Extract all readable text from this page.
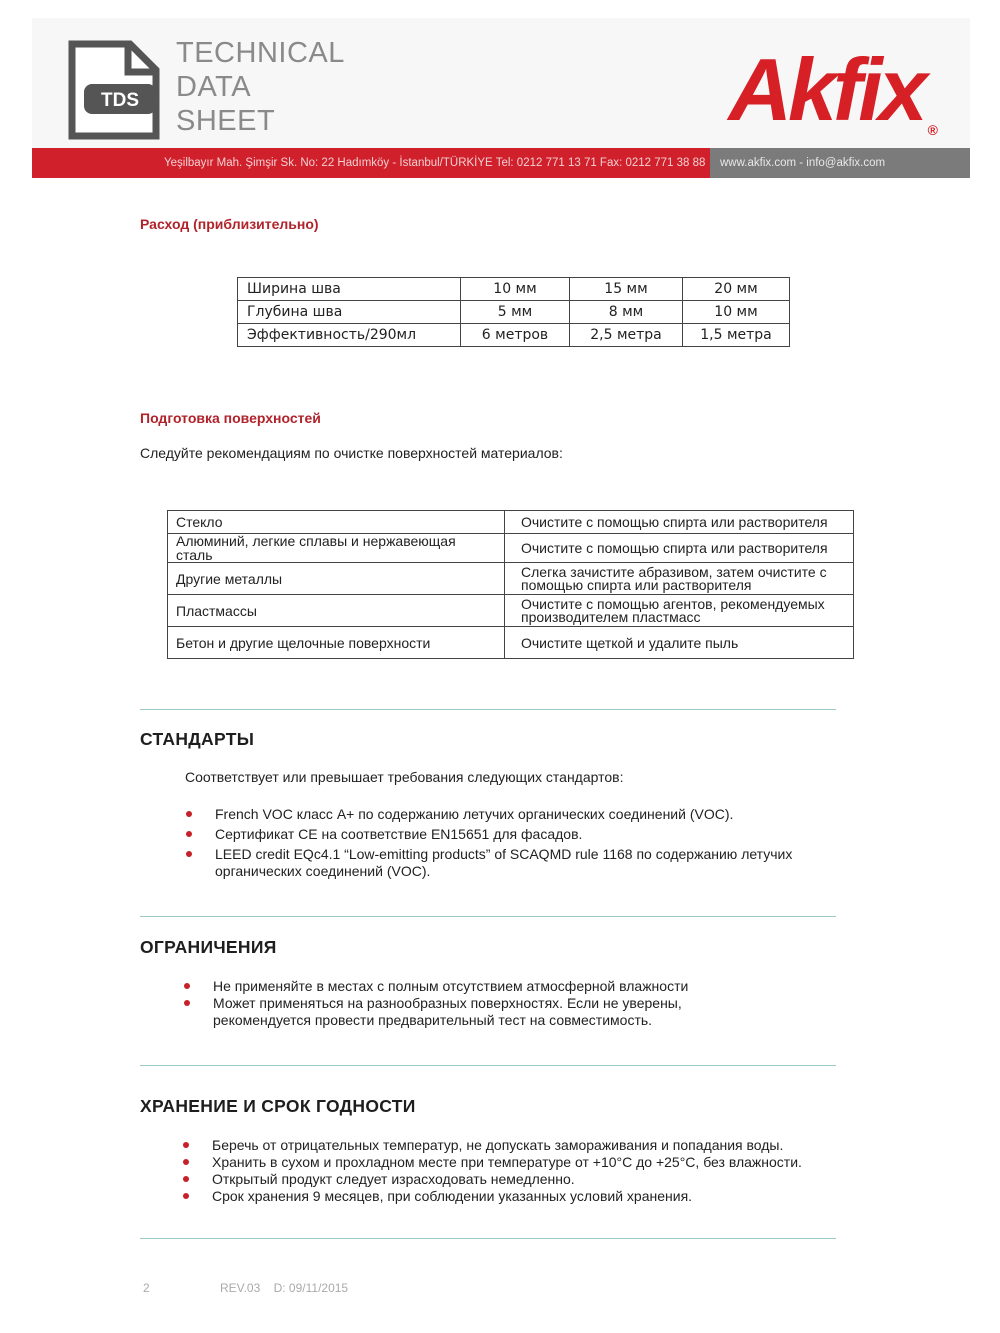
TDS
TECHNICAL
DATA
SHEET	Akfix ®
Yeşilbayır Mah. Şimşir Sk. No: 22 Hadımköy - İstanbul/TÜRKİYE Tel: 0212 771 13 71 Fax: 0212 771 38 88	www.akfix.com - info@akfix.com
Расход (приблизительно)
Ширина шва	10 мм	15 мм	20 мм
Глубина шва	5 мм	8 мм	10 мм
Эффективность/290мл	6 метров	2,5 метра	1,5 метра
Подготовка поверхностей
Следуйте рекомендациям по очистке поверхностей материалов:
Стекло	Очистите с помощью спирта или растворителя
Алюминий, легкие сплавы и нержавеющая сталь	Очистите с помощью спирта или растворителя
Другие металлы	Слегка зачистите абразивом, затем очистите с помощью спирта или растворителя
Пластмассы	Очистите с помощью агентов, рекомендуемых производителем пластмасс
Бетон и другие щелочные поверхности	Очистите щеткой и удалите пыль
СТАНДАРТЫ
Соответствует или превышает требования следующих стандартов:
French VOC класс A+ по содержанию летучих органических соединений (VOC).
Сертификат CE на соответствие EN15651 для фасадов.
LEED credit EQc4.1 “Low-emitting products” of SCAQMD rule 1168 по содержанию летучих органических соединений (VOC).
ОГРАНИЧЕНИЯ
Не применяйте в местах с полным отсутствием атмосферной влажности
Может применяться на разнообразных поверхностях. Если не уверены, рекомендуется провести предварительный тест на совместимость.
ХРАНЕНИЕ И СРОК ГОДНОСТИ
Беречь от отрицательных температур, не допускать замораживания и попадания воды.
Хранить в сухом и прохладном месте при температуре от +10°C до +25°C, без влажности.
Открытый продукт следует израсходовать немедленно.
Срок хранения 9 месяцев, при соблюдении указанных условий хранения.
2	REV.03    D: 09/11/2015
